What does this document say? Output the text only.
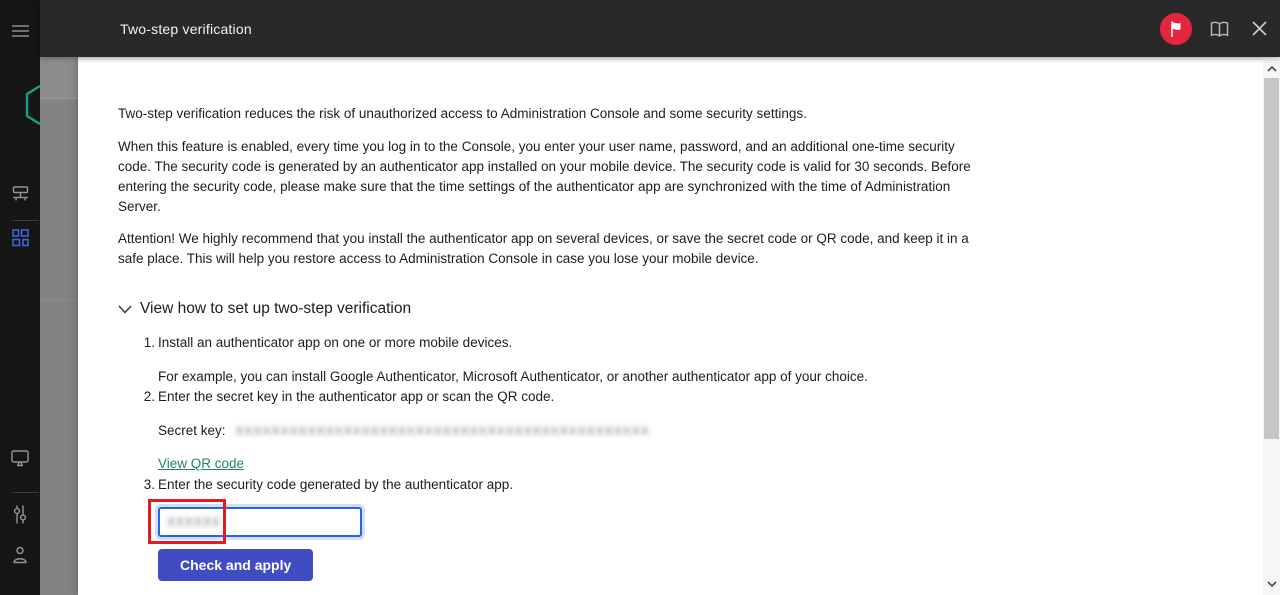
Two-step verification

Two-step verification reduces the risk of unauthorized access to Administration Console and some security settings.

When this feature is enabled, every time you log in to the Console, you enter your user name, password, and an additional one-time security code. The security code is generated by an authenticator app installed on your mobile device. The security code is valid for 30 seconds. Before entering the security code, please make sure that the time settings of the authenticator app are synchronized with the time of Administration Server.

Attention! We highly recommend that you install the authenticator app on several devices, or save the secret code or QR code, and keep it in a safe place. This will help you restore access to Administration Console in case you lose your mobile device.

View how to set up two-step verification
1. Install an authenticator app on one or more mobile devices.
For example, you can install Google Authenticator, Microsoft Authenticator, or another authenticator app of your choice.
2. Enter the secret key in the authenticator app or scan the QR code.
Secret key: XXXXXXXXXXXXXXXXXXXXXXXXXXXXXXXXXXXXXXXXXXXXXX
View QR code
3. Enter the security code generated by the authenticator app.
XXXXXX
Check and apply
